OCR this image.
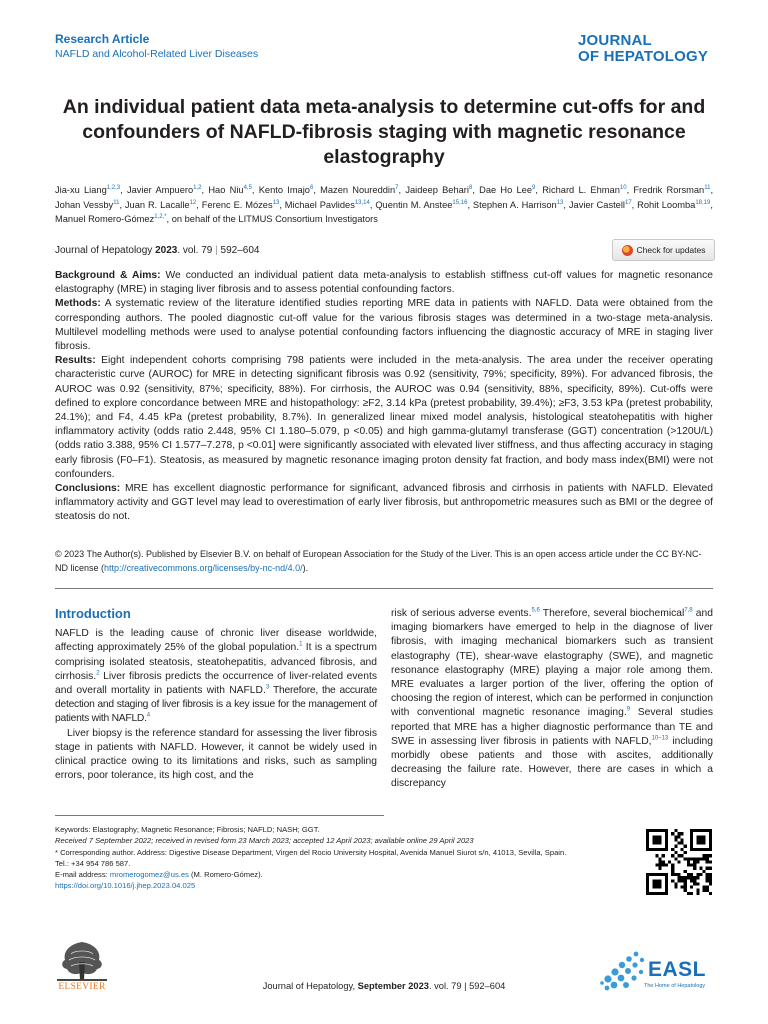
Research Article
NAFLD and Alcohol-Related Liver Diseases
JOURNAL
OF HEPATOLOGY
An individual patient data meta-analysis to determine cut-offs for and confounders of NAFLD-fibrosis staging with magnetic resonance elastography
Jia-xu Liang$^{1,2,3}$, Javier Ampuero$^{1,2}$, Hao Niu$^{4,5}$, Kento Imajo$^6$, Mazen Noureddin$^7$, Jaideep Behari$^8$, Dae Ho Lee$^9$, Richard L. Ehman$^{10}$, Fredrik Rorsman$^{11}$, Johan Vessby$^{11}$, Juan R. Lacalle$^{12}$, Ferenc E. Mózes$^{13}$, Michael Pavlides$^{13,14}$, Quentin M. Anstee$^{15,16}$, Stephen A. Harrison$^{13}$, Javier Castell$^{17}$, Rohit Loomba$^{18,19}$, Manuel Romero-Gómez$^{1,2,*}$, on behalf of the LITMUS Consortium Investigators
Journal of Hepatology 2023. vol. 79 | 592–604	Check for updates

Background & Aims: We conducted an individual patient data meta-analysis to establish stiffness cut-off values for magnetic resonance elastography (MRE) in staging liver fibrosis and to assess potential confounding factors.

Methods: A systematic review of the literature identified studies reporting MRE data in patients with NAFLD. Data were obtained from the corresponding authors. The pooled diagnostic cut-off value for the various fibrosis stages was determined in a two-stage meta-analysis. Multilevel modelling methods were used to analyse potential confounding factors influencing the diagnostic accuracy of MRE in staging liver fibrosis.

Results: Eight independent cohorts comprising 798 patients were included in the meta-analysis. The area under the receiver operating characteristic curve (AUROC) for MRE in detecting significant fibrosis was 0.92 (sensitivity, 79%; specificity, 89%). For advanced fibrosis, the AUROC was 0.92 (sensitivity, 87%; specificity, 88%). For cirrhosis, the AUROC was 0.94 (sensitivity, 88%, specificity, 89%). Cut-offs were defined to explore concordance between MRE and histopathology: ≥F2, 3.14 kPa (pretest probability, 39.4%); ≥F3, 3.53 kPa (pretest probability, 24.1%); and F4, 4.45 kPa (pretest probability, 8.7%). In generalized linear mixed model analysis, histological steatohepatitis with higher inflammatory activity (odds ratio 2.448, 95% CI 1.180–5.079, p <0.05) and high gamma-glutamyl transferase (GGT) concentration (>120U/L) (odds ratio 3.388, 95% CI 1.577–7.278, p <0.01] were significantly associated with elevated liver stiffness, and thus affecting accuracy in staging early fibrosis (F0–F1). Steatosis, as measured by magnetic resonance imaging proton density fat fraction, and body mass index(BMI) were not confounders.

Conclusions: MRE has excellent diagnostic performance for significant, advanced fibrosis and cirrhosis in patients with NAFLD. Elevated inflammatory activity and GGT level may lead to overestimation of early liver fibrosis, but anthropometric measures such as BMI or the degree of steatosis do not.

© 2023 The Author(s). Published by Elsevier B.V. on behalf of European Association for the Study of the Liver. This is an open access article under the CC BY-NC-ND license (http://creativecommons.org/licenses/by-nc-nd/4.0/).
Introduction

NAFLD is the leading cause of chronic liver disease worldwide, affecting approximately 25% of the global population.$^1$ It is a spectrum comprising isolated steatosis, steatohepatitis, advanced fibrosis, and cirrhosis.$^2$ Liver fibrosis predicts the occurrence of liver-related events and overall mortality in patients with NAFLD.$^3$ Therefore, the accurate detection and staging of liver fibrosis is a key issue for the management of patients with NAFLD.$^4$

Liver biopsy is the reference standard for assessing the liver fibrosis stage in patients with NAFLD. However, it cannot be widely used in clinical practice owing to its limitations and risks, such as sampling errors, poor tolerance, its high cost, and the

risk of serious adverse events.$^{5,6}$ Therefore, several biochemical$^{7,8}$ and imaging biomarkers have emerged to help in the diagnose of liver fibrosis, with imaging mechanical biomarkers such as transient elastography (TE), shear-wave elastography (SWE), and magnetic resonance elastography (MRE) playing a major role among them. MRE evaluates a larger portion of the liver, offering the option of choosing the region of interest, which can be performed in conjunction with conventional magnetic resonance imaging.$^9$ Several studies reported that MRE has a higher diagnostic performance than TE and SWE in assessing liver fibrosis in patients with NAFLD,$^{10-13}$ including morbidly obese patients and those with ascites, additionally decreasing the failure rate. However, there are cases in which a discrepancy

Keywords: Elastography; Magnetic Resonance; Fibrosis; NAFLD; NASH; GGT.
Received 7 September 2022; received in revised form 23 March 2023; accepted 12 April 2023; available online 29 April 2023
* Corresponding author. Address: Digestive Disease Department, Virgen del Rocio University Hospital, Avenida Manuel Siurot s/n, 41013, Sevilla, Spain.
Tel.: +34 954 786 587.
E-mail address: mromerogomez@us.es (M. Romero-Gómez).
https://doi.org/10.1016/j.jhep.2023.04.025
ELSEVIER	Journal of Hepatology, September 2023. vol. 79 | 592–604
EASL
The Home of Hepatology
